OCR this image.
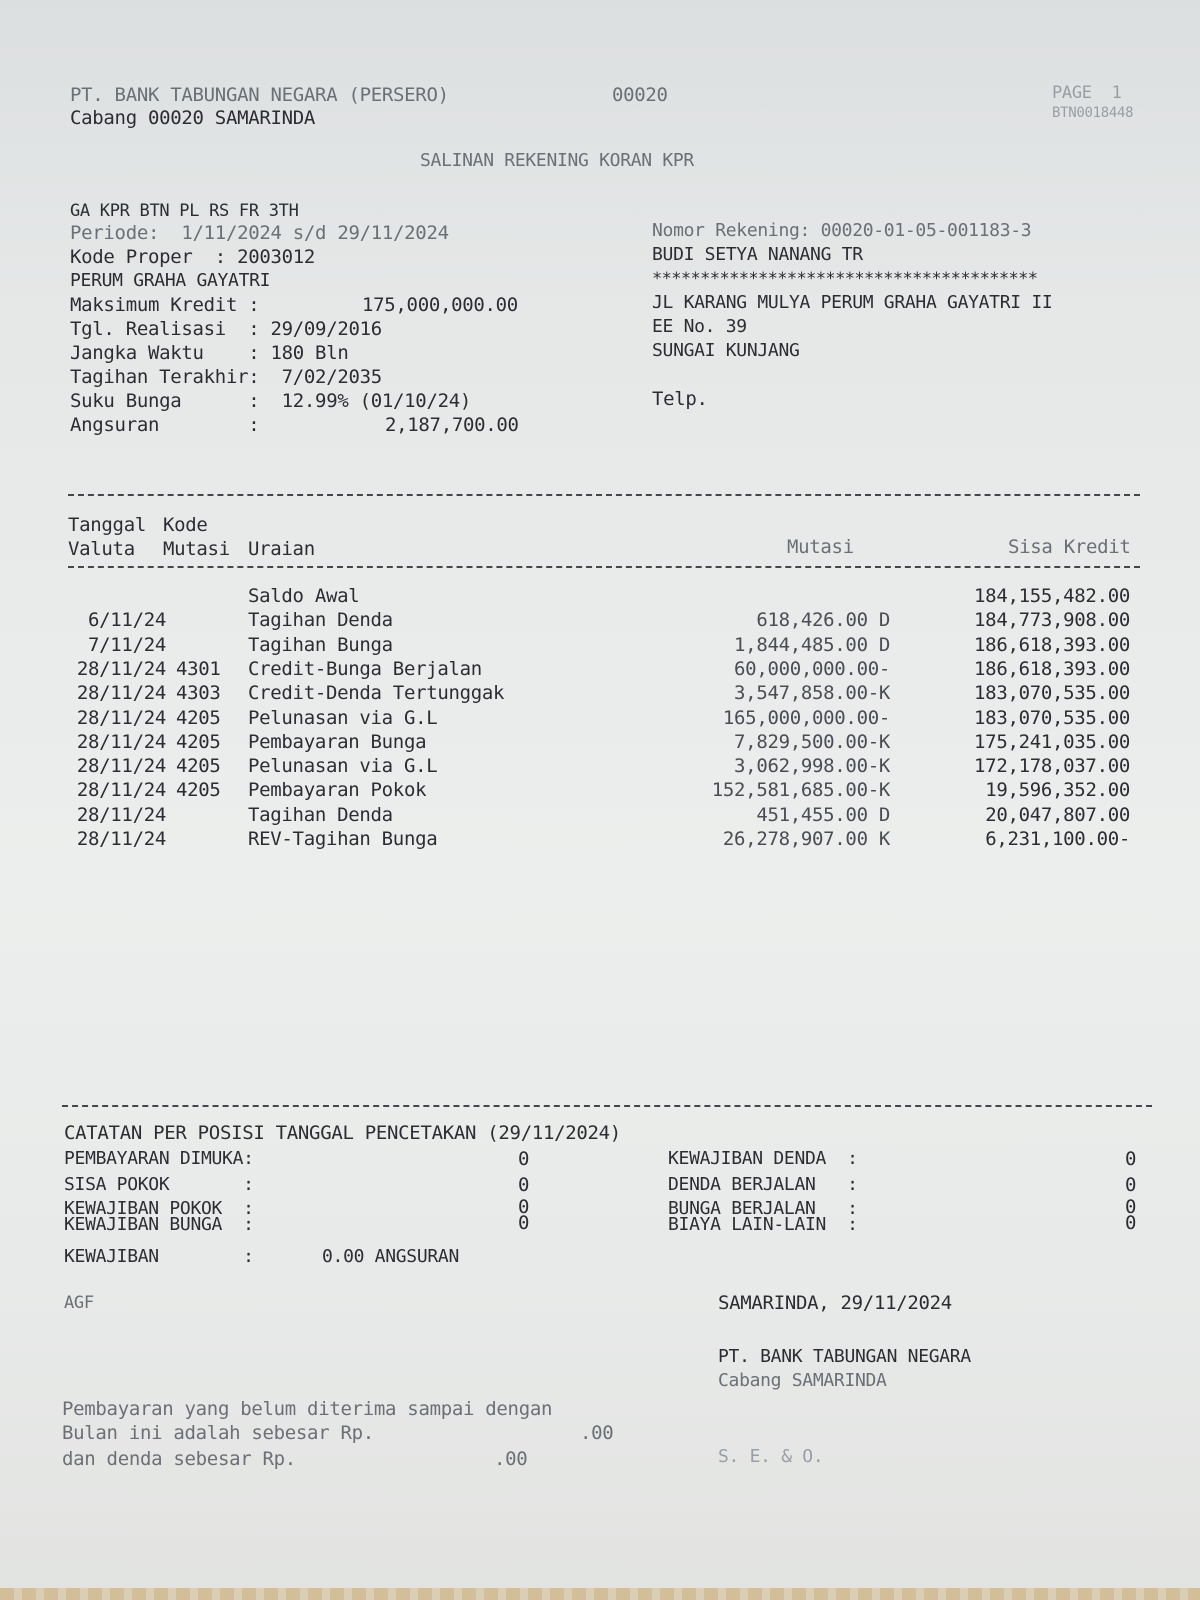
PT. BANK TABUNGAN NEGARA (PERSERO)
Cabang 00020 SAMARINDA
00020	PAGE  1
BTN0018448
SALINAN REKENING KORAN KPR
GA KPR BTN PL RS FR 3TH
Periode:  1/11/2024 s/d 29/11/2024
Kode Proper  : 2003012
PERUM GRAHA GAYATRI
Maksimum Kredit :	175,000,000.00
Tgl. Realisasi  : 29/09/2016
Jangka Waktu    : 180 Bln
Tagihan Terakhir:  7/02/2035
Suku Bunga      :  12.99% (01/10/24)
Angsuran        :	2,187,700.00
Nomor Rekening: 00020-01-05-001183-3
BUDI SETYA NANANG TR
****************************************
JL KARANG MULYA PERUM GRAHA GAYATRI II
EE No. 39
SUNGAI KUNJANG
Telp.
Tanggal Kode
Valuta Mutasi Uraian	Mutasi	Sisa Kredit
Saldo Awal	184,155,482.00
6/11/24	Tagihan Denda	618,426.00 D	184,773,908.00
7/11/24	Tagihan Bunga	1,844,485.00 D	186,618,393.00
28/11/24 4301 Credit-Bunga Berjalan	60,000,000.00-	186,618,393.00
28/11/24 4303 Credit-Denda Tertunggak	3,547,858.00-K	183,070,535.00
28/11/24 4205 Pelunasan via G.L	165,000,000.00-	183,070,535.00
28/11/24 4205 Pembayaran Bunga	7,829,500.00-K	175,241,035.00
28/11/24 4205 Pelunasan via G.L	3,062,998.00-K	172,178,037.00
28/11/24 4205 Pembayaran Pokok	152,581,685.00-K	19,596,352.00
28/11/24	Tagihan Denda	451,455.00 D	20,047,807.00
28/11/24	REV-Tagihan Bunga	26,278,907.00 K	6,231,100.00-
CATATAN PER POSISI TANGGAL PENCETAKAN (29/11/2024)
PEMBAYARAN DIMUKA:	0
SISA POKOK       :	0
KEWAJIBAN POKOK  :	0
KEWAJIBAN BUNGA  :	0
KEWAJIBAN DENDA  :	0
DENDA BERJALAN   :	0
BUNGA BERJALAN   :	0
BIAYA LAIN-LAIN  :	0
KEWAJIBAN        :	0.00 ANGSURAN
AGF	SAMARINDA, 29/11/2024
PT. BANK TABUNGAN NEGARA
Cabang SAMARINDA
S. E. & O.
Pembayaran yang belum diterima sampai dengan
Bulan ini adalah sebesar Rp.	.00
dan denda sebesar Rp.	.00
